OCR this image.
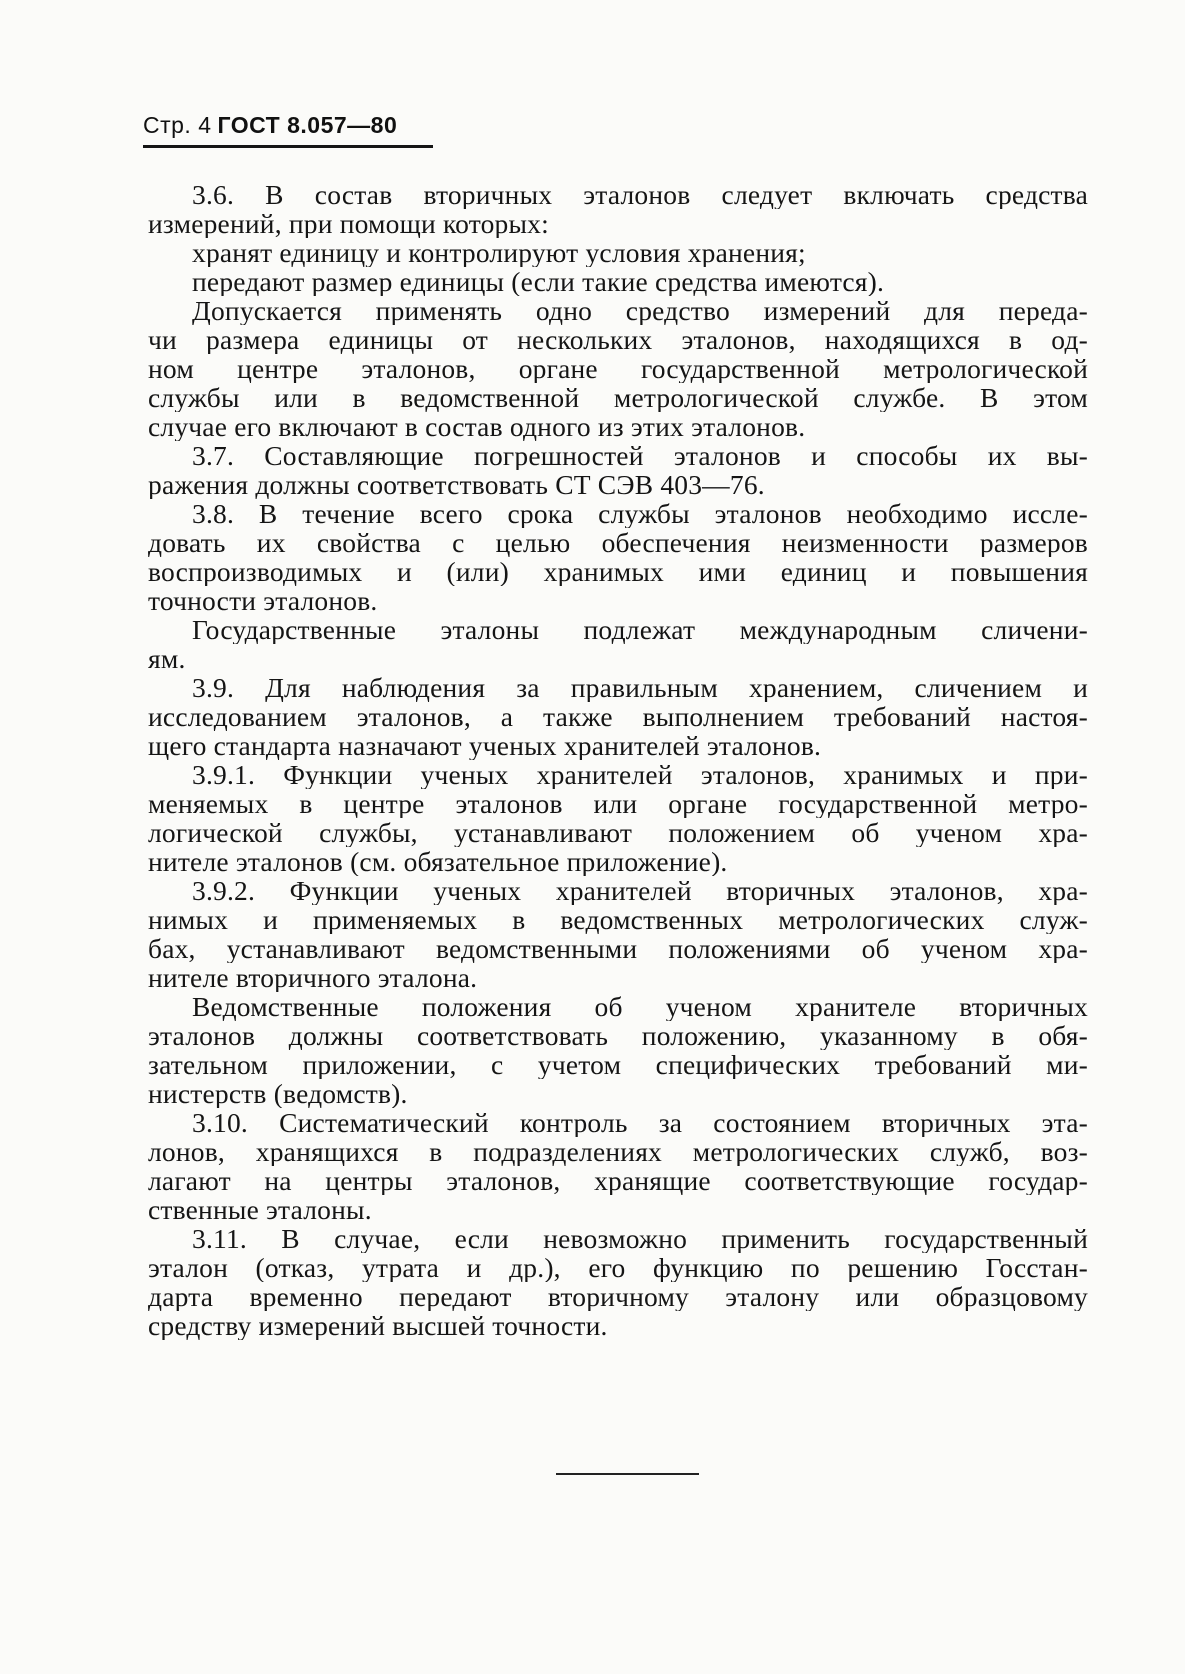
Стр. 4 ГОСТ 8.057—80
3.6. В состав вторичных эталонов следует включать средства
измерений, при помощи которых:
хранят единицу и контролируют условия хранения;
передают размер единицы (если такие средства имеются).
Допускается применять одно средство измерений для переда-
чи размера единицы от нескольких эталонов, находящихся в од-
ном центре эталонов, органе государственной метрологической
службы или в ведомственной метрологической службе. В этом
случае его включают в состав одного из этих эталонов.
3.7. Составляющие погрешностей эталонов и способы их вы-
ражения должны соответствовать СТ СЭВ 403—76.
3.8. В течение всего срока службы эталонов необходимо иссле-
довать их свойства с целью обеспечения неизменности размеров
воспроизводимых и (или) хранимых ими единиц и повышения
точности эталонов.
Государственные эталоны подлежат международным сличени-
ям.
3.9. Для наблюдения за правильным хранением, сличением и
исследованием эталонов, а также выполнением требований настоя-
щего стандарта назначают ученых хранителей эталонов.
3.9.1. Функции ученых хранителей эталонов, хранимых и при-
меняемых в центре эталонов или органе государственной метро-
логической службы, устанавливают положением об ученом хра-
нителе эталонов (см. обязательное приложение).
3.9.2. Функции ученых хранителей вторичных эталонов, хра-
нимых и применяемых в ведомственных метрологических служ-
бах, устанавливают ведомственными положениями об ученом хра-
нителе вторичного эталона.
Ведомственные положения об ученом хранителе вторичных
эталонов должны соответствовать положению, указанному в обя-
зательном приложении, с учетом специфических требований ми-
нистерств (ведомств).
3.10. Систематический контроль за состоянием вторичных эта-
лонов, хранящихся в подразделениях метрологических служб, воз-
лагают на центры эталонов, хранящие соответствующие государ-
ственные эталоны.
3.11. В случае, если невозможно применить государственный
эталон (отказ, утрата и др.), его функцию по решению Госстан-
дарта временно передают вторичному эталону или образцовому
средству измерений высшей точности.
